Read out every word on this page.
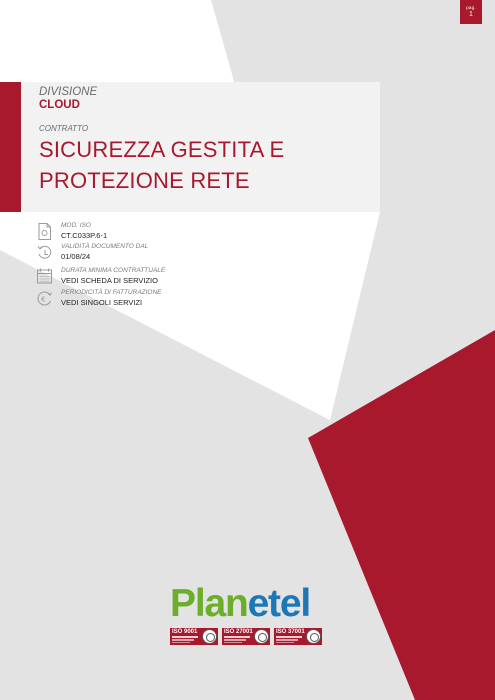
pag.
1
DIVISIONE
CLOUD
CONTRATTO
SICUREZZA GESTITA E PROTEZIONE RETE
MOD. ISO
CT.C033P.6-1
VALIDITÀ DOCUMENTO DAL
01/08/24
DURATA MINIMA CONTRATTUALE
VEDI SCHEDA DI SERVIZIO
€
PERIODICITÀ DI FATTURAZIONE
VEDI SINGOLI SERVIZI
Planetel
ISO 9001	ISO 27001	ISO 37001
